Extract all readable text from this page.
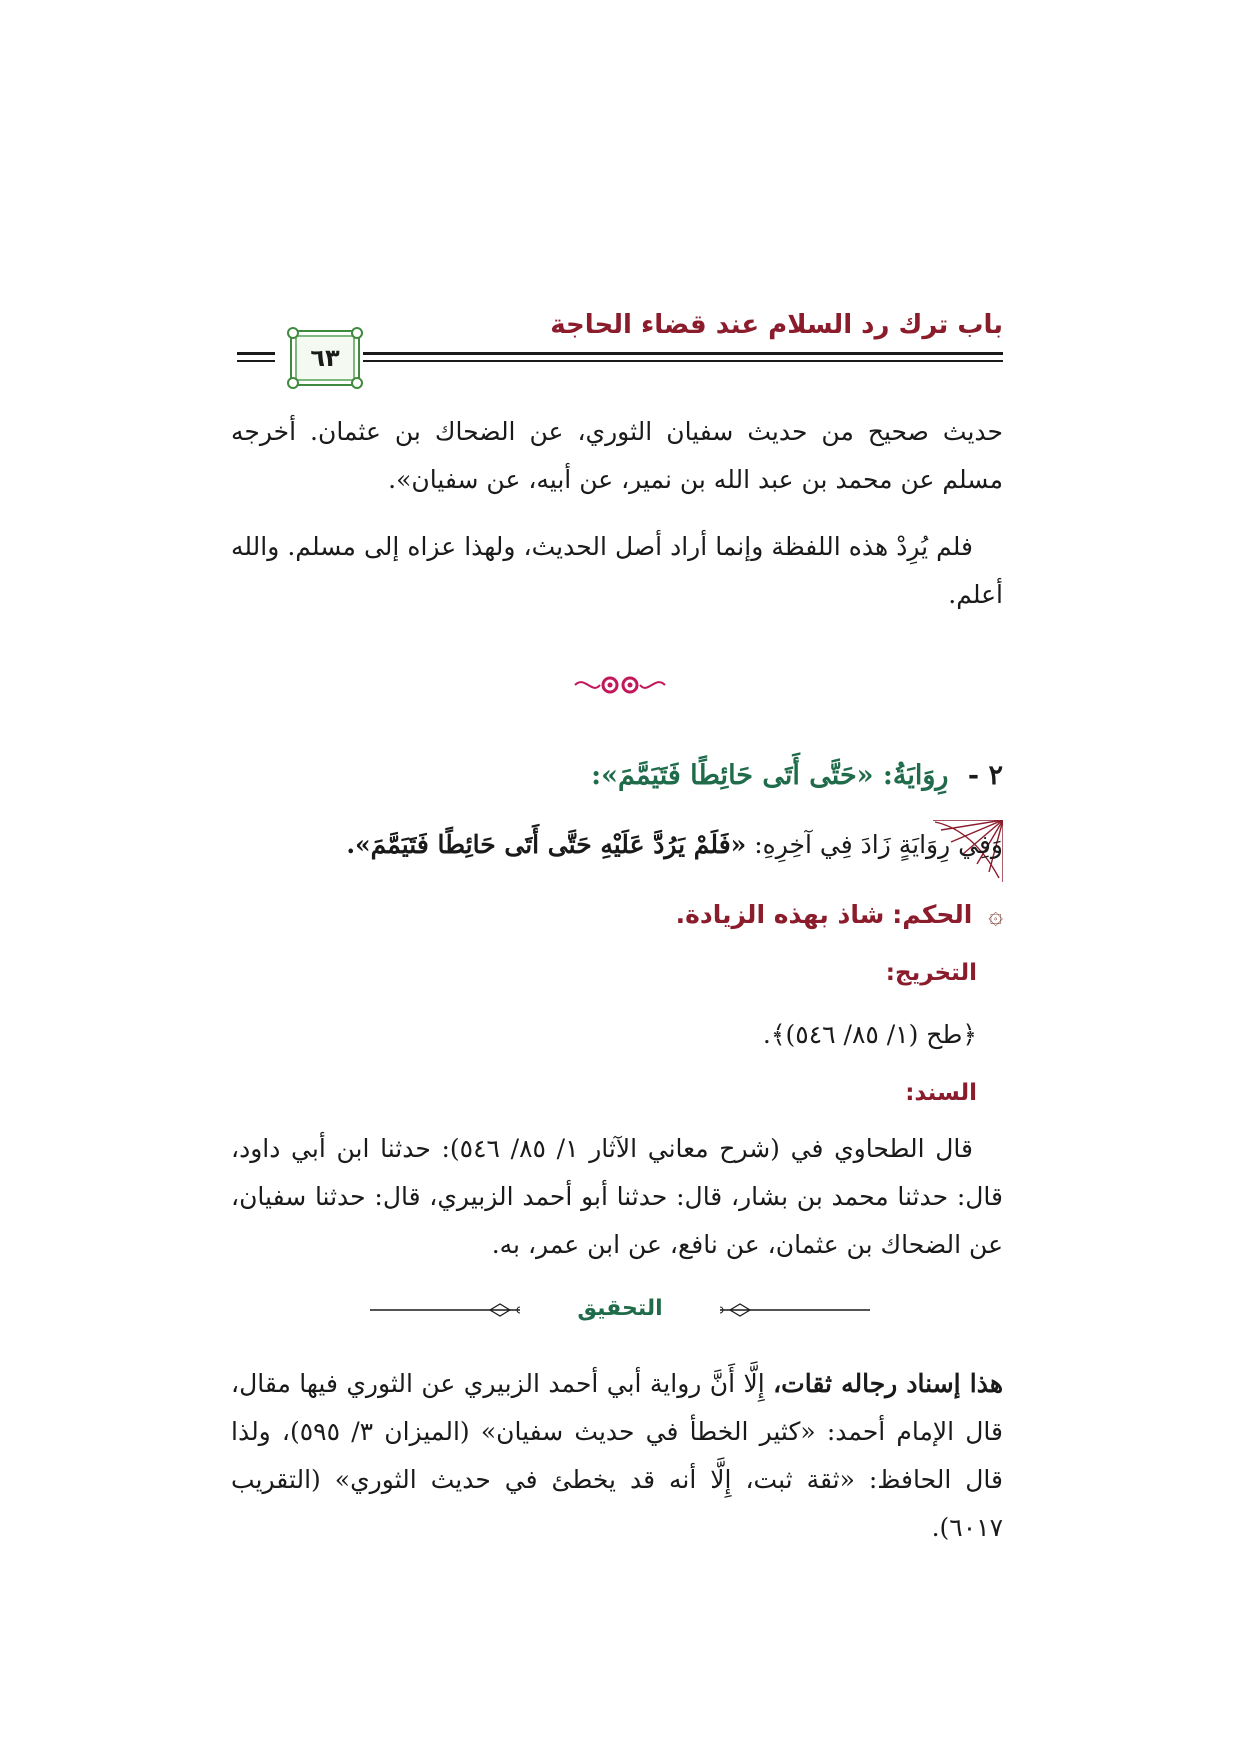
باب ترك رد السلام عند قضاء الحاجة
٦٣
حديث صحيح من حديث سفيان الثوري، عن الضحاك بن عثمان. أخرجه مسلم عن محمد بن عبد الله بن نمير، عن أبيه، عن سفيان».
فلم يُرِدْ هذه اللفظة وإنما أراد أصل الحديث، ولهذا عزاه إلى مسلم. والله أعلم.
٢ - رِوَايَةُ: «حَتَّى أَتَى حَائِطًا فَتَيَمَّمَ»:
وَفِي رِوَايَةٍ زَادَ فِي آخِرِهِ: «فَلَمْ يَرُدَّ عَلَيْهِ حَتَّى أَتَى حَائِطًا فَتَيَمَّمَ».
۞ الحكم: شاذ بهذه الزيادة.
التخريج:
﴿طح (١/ ٨٥/ ٥٤٦)﴾.
السند:
قال الطحاوي في (شرح معاني الآثار ١/ ٨٥/ ٥٤٦): حدثنا ابن أبي داود، قال: حدثنا محمد بن بشار، قال: حدثنا أبو أحمد الزبيري، قال: حدثنا سفيان، عن الضحاك بن عثمان، عن نافع، عن ابن عمر، به.
التحقيق
هذا إسناد رجاله ثقات، إِلَّا أَنَّ رواية أبي أحمد الزبيري عن الثوري فيها مقال، قال الإمام أحمد: «كثير الخطأ في حديث سفيان» (الميزان ٣/ ٥٩٥)، ولذا قال الحافظ: «ثقة ثبت، إِلَّا أنه قد يخطئ في حديث الثوري» (التقريب ٦٠١٧).
